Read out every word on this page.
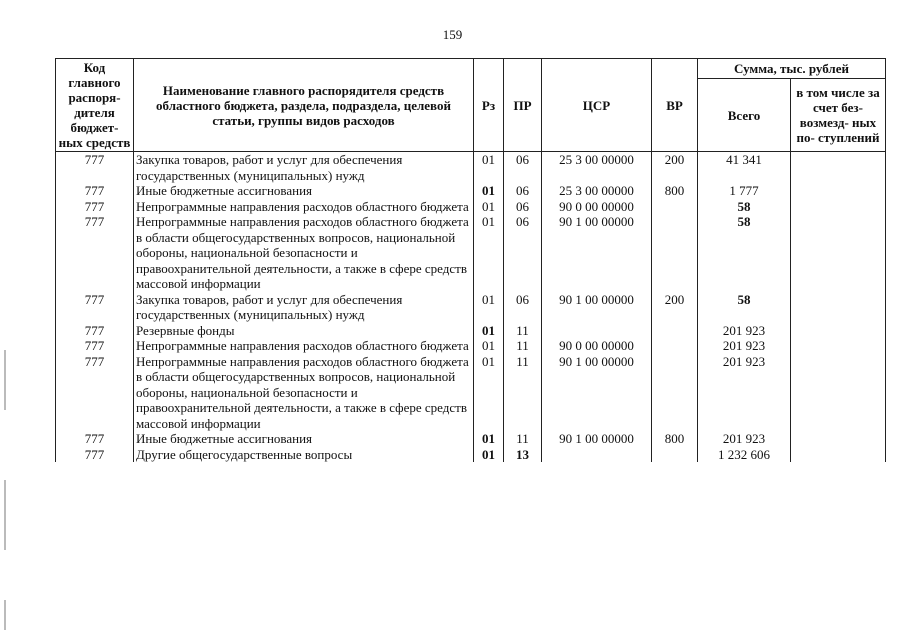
159
Код главного распоря- дителя бюджет- ных средств	Наименование главного распорядителя средств областного бюджета, раздела, подраздела, целевой статьи, группы видов расходов	Рз	ПР	ЦСР	ВР	Сумма, тыс. рублей	
						Всего	в том числе за счет без- возмезд- ных по- ступлений
777	Закупка товаров, работ и услуг для обеспечения государственных (муниципальных) нужд	01	06	25 3 00 00000	200	41 341	
777	Иные бюджетные ассигнования	01	06	25 3 00 00000	800	1 777	
777	Непрограммные направления расходов областного бюджета	01	06	90 0 00 00000		58	
777	Непрограммные направления расходов областного бюджета в области общегосударственных вопросов, национальной обороны, национальной безопасности и правоохранительной деятельности, а также в сфере средств массовой информации	01	06	90 1 00 00000		58	
777	Закупка товаров, работ и услуг для обеспечения государственных (муниципальных) нужд	01	06	90 1 00 00000	200	58	
777	Резервные фонды	01	11			201 923	
777	Непрограммные направления расходов областного бюджета	01	11	90 0 00 00000		201 923	
777	Непрограммные направления расходов областного бюджета в области общегосударственных вопросов, национальной обороны, национальной безопасности и правоохранительной деятельности, а также в сфере средств массовой информации	01	11	90 1 00 00000		201 923	
777	Иные бюджетные ассигнования	01	11	90 1 00 00000	800	201 923	
777	Другие общегосударственные вопросы	01	13			1 232 606	
